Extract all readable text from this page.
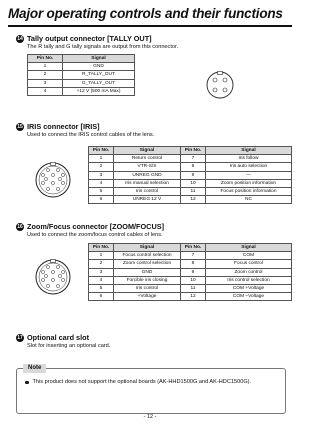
Major operating controls and their functions
14 Tally output connector [TALLY OUT]
The R tally and G tally signals are output from this connector.
Pin No.	Signal
1	GND
2	R_TALLY_OUT
3	G_TALLY_OUT
4	+12 V (500 mA Max)
15 IRIS connector [IRIS]
Used to connect the IRIS control cables of the lens.
Pin No.	Signal	Pin No.	Signal
1	Return control	7	Iris follow
2	VTR-S/S	8	Iris auto selection
3	UNREG GND	9	—
4	Iris manual selection	10	Zoom position information
5	Iris control	11	Focus position information
6	UNREG 12 V	12	NC
16 Zoom/Focus connector [ZOOM/FOCUS]
Used to connect the zoom/focus control cables of lens.
Pin No.	Signal	Pin No.	Signal
1	Focus control selection	7	COM
2	Zoom control selection	8	Focus control
3	GND	9	Zoom control
4	Forcible iris closing	10	Iris control selection
5	Iris control	11	COM +Voltage
6	+Voltage	12	COM –Voltage
17 Optional card slot
Slot for inserting an optional card.
Note
This product does not support the optional boards (AK-HHD1500G and AK-HDC1500G).
- 12 -
